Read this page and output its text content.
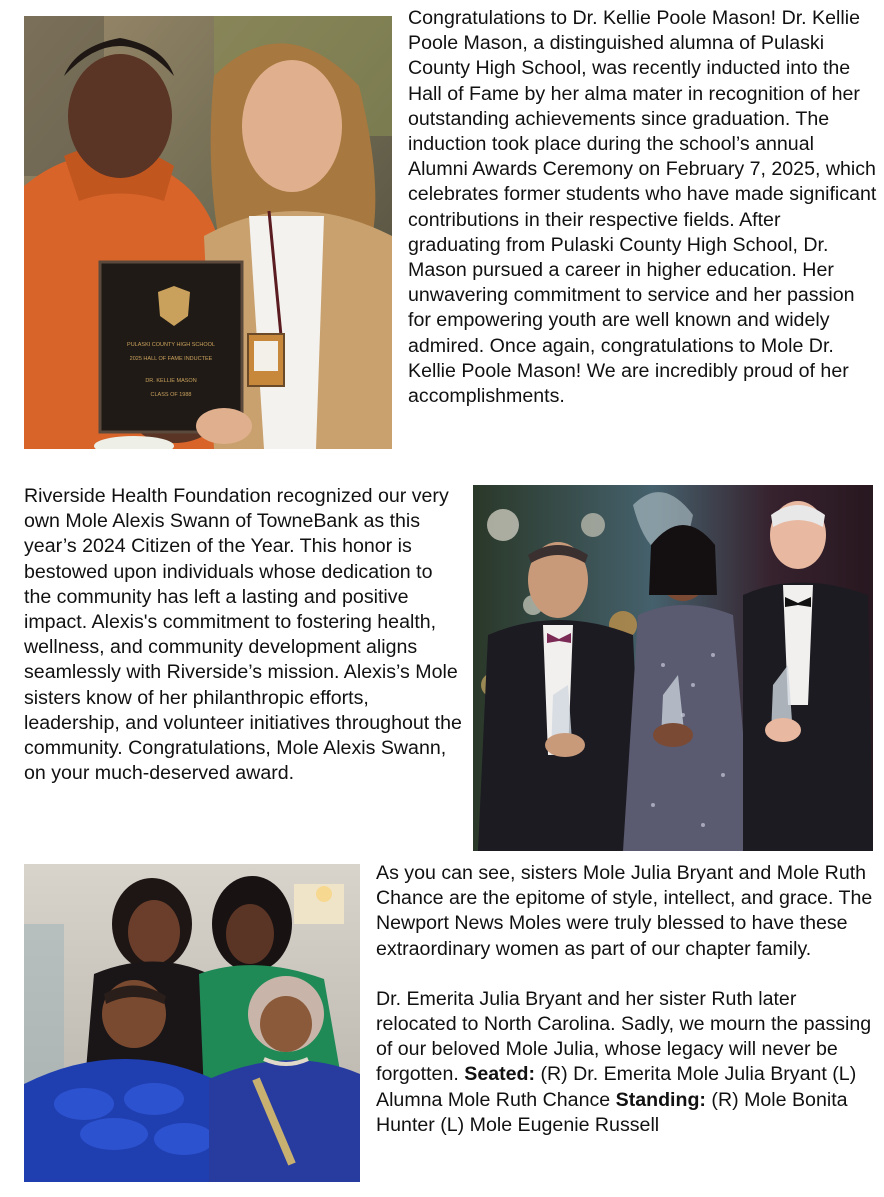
PULASKI COUNTY HIGH SCHOOL
2025 HALL OF FAME INDUCTEE
DR. KELLIE MASON
CLASS OF 1988

Congratulations to Dr. Kellie Poole Mason! Dr. Kellie Poole Mason, a distinguished alumna of Pulaski County High School, was recently inducted into the Hall of Fame by her alma mater in recognition of her outstanding achievements since graduation. The induction took place during the school’s annual Alumni Awards Ceremony on February 7, 2025, which celebrates former students who have made significant contributions in their respective fields. After graduating from Pulaski County High School, Dr. Mason pursued a career in higher education. Her unwavering commitment to service and her passion for empowering youth are well known and widely admired. Once again, congratulations to Mole Dr. Kellie Poole Mason! We are incredibly proud of her accomplishments.

Riverside Health Foundation recognized our very own Mole Alexis Swann of TowneBank as this year’s 2024 Citizen of the Year. This honor is bestowed upon individuals whose dedication to the community has left a lasting and positive impact. Alexis's commitment to fostering health, wellness, and community development aligns seamlessly with Riverside’s mission. Alexis’s Mole sisters know of her philanthropic efforts, leadership, and volunteer initiatives throughout the community. Congratulations, Mole Alexis Swann, on your much-deserved award.

As you can see, sisters Mole Julia Bryant and Mole Ruth Chance are the epitome of style, intellect, and grace. The Newport News Moles were truly blessed to have these extraordinary women as part of our chapter family.

Dr. Emerita Julia Bryant and her sister Ruth later relocated to North Carolina. Sadly, we mourn the passing of our beloved Mole Julia, whose legacy will never be forgotten. Seated: (R) Dr. Emerita Mole Julia Bryant (L) Alumna Mole Ruth Chance Standing: (R) Mole Bonita Hunter (L) Mole Eugenie Russell
